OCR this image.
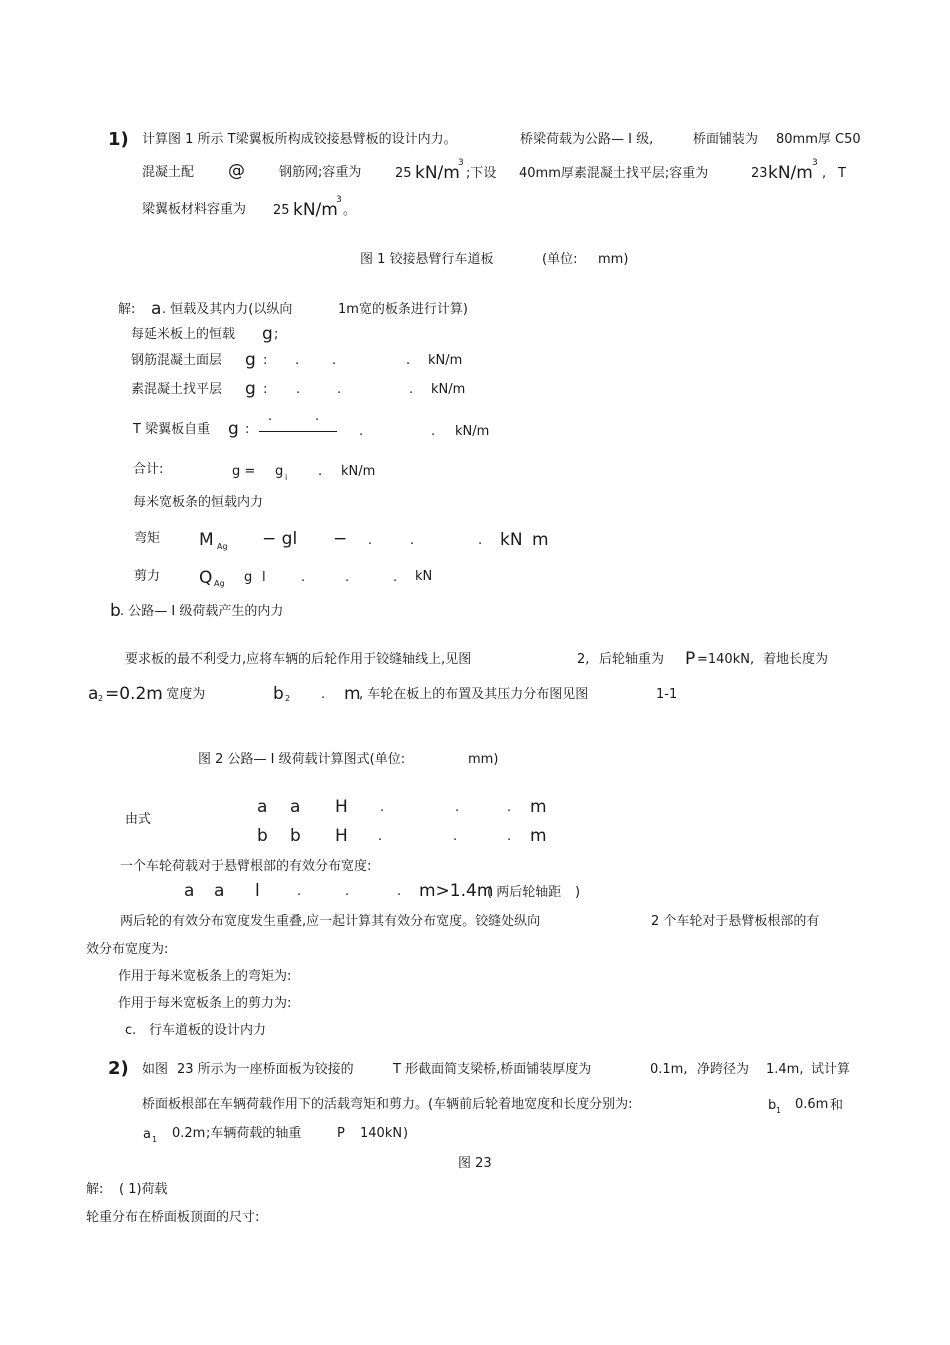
1) 计算图 1 所示 T梁翼板所构成铰接悬臂板的设计内力。	桥梁荷载为公路— I 级,	桥面铺装为 80mm厚 C50
混凝土配 @	钢筋网;容重为	25 kN/m
3
;下设 40mm厚素混凝土找平层;容重为	23 kN/m 3
, T
梁翼板材料容重为 25 kN/m
3
。
图 1 铰接悬臂行车道板	(单位: mm)
解: a . 恒载及其内力(以纵向	1m宽的板条进行计算)
每延米板上的恒载 g ;
钢筋混凝土面层 g : .	.	. kN/m
素混凝土找平层 g : .	.	. kN/m
T 梁翼板自重 g :
.	.
.	. kN/m
合计:	g = g i . kN/m
每米宽板条的恒载内力
弯矩 M Ag − gl − .	.	. kN m
剪力 Q Ag g l	.	.	. kN
b . 公路— I 级荷载产生的内力
要求板的最不利受力,应将车辆的后轮作用于铰缝轴线上,见图	2, 后轮轴重为 P =140kN, 着地长度为
a 2 =0.2m
, 宽度为	b 2 . m
, 车轮在板上的布置及其压力分布图见图	1-1
图 2 公路— I 级荷载计算图式(单位:	mm)
由式
a a H .	.	. m
b b H .	.	. m
一个车轮荷载对于悬臂根部的有效分布宽度:
a a l	.	.	. m>1.4m
( 两后轮轴距 )
两后轮的有效分布宽度发生重叠,应一起计算其有效分布宽度。铰缝处纵向	2 个车轮对于悬臂板根部的有
效分布宽度为:
作用于每米宽板条上的弯矩为:
作用于每米宽板条上的剪力为:
c. 行车道板的设计内力
2) 如图 23 所示为一座桥面板为铰接的	T 形截面简支梁桥,桥面铺装厚度为	0.1m, 净跨径为 1.4m, 试计算
桥面板根部在车辆荷载作用下的活载弯矩和剪力。(车辆前后轮着地宽度和长度分别为:	b 1 0.6m 和
a 1 0.2m ;车辆荷载的轴重	P 140kN )
图 23
解: ( 1)荷载
轮重分布在桥面板顶面的尺寸:
